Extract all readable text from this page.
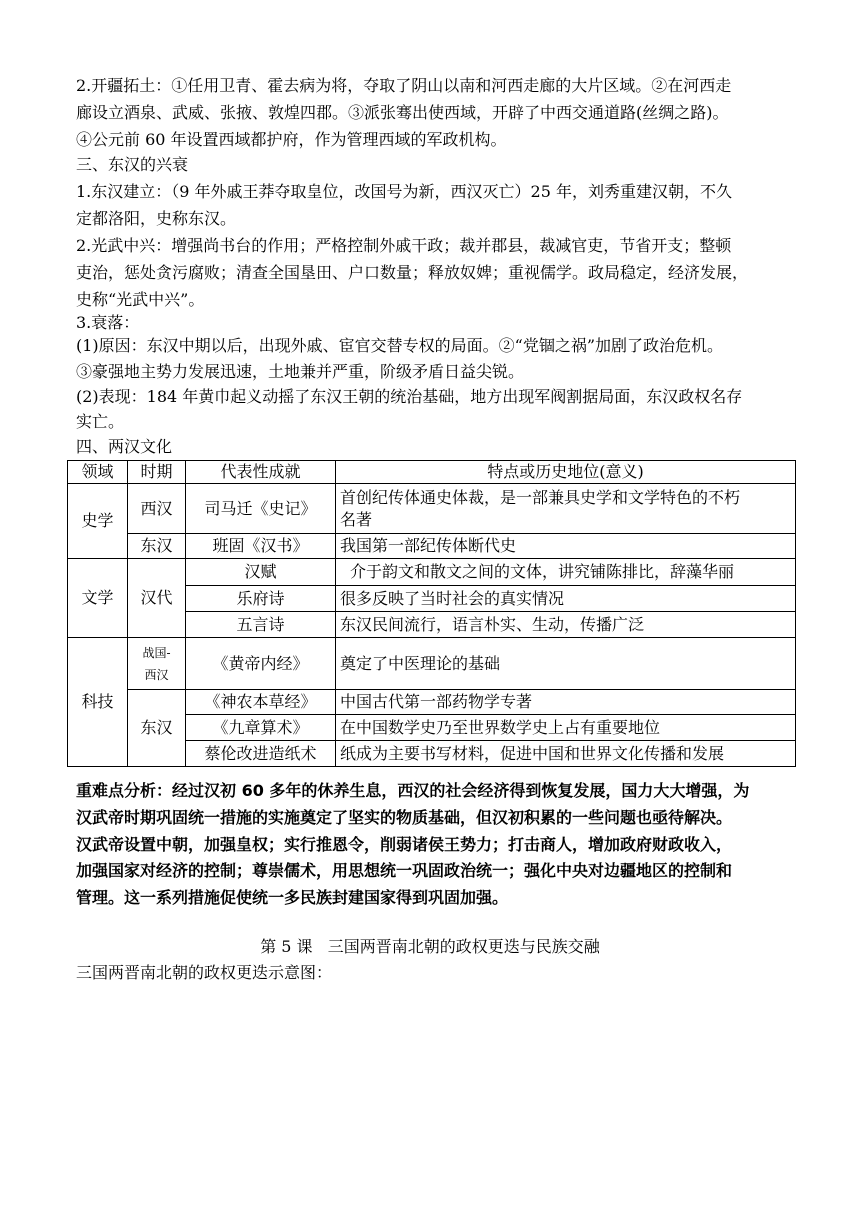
2.开疆拓土：①任用卫青、霍去病为将，夺取了阴山以南和河西走廊的大片区域。②在河西走
廊设立酒泉、武威、张掖、敦煌四郡。③派张骞出使西域，开辟了中西交通道路(丝绸之路)。
④公元前 60 年设置西域都护府，作为管理西域的军政机构。
三、东汉的兴衰
1.东汉建立：（9 年外戚王莽夺取皇位，改国号为新，西汉灭亡）25 年，刘秀重建汉朝，不久
定都洛阳，史称东汉。
2.光武中兴：增强尚书台的作用；严格控制外戚干政；裁并郡县，裁减官吏，节省开支；整顿
吏治，惩处贪污腐败；清查全国垦田、户口数量；释放奴婢；重视儒学。政局稳定，经济发展，
史称“光武中兴”。
3.衰落：
(1)原因：东汉中期以后，出现外戚、宦官交替专权的局面。②“党锢之祸”加剧了政治危机。
③豪强地主势力发展迅速，土地兼并严重，阶级矛盾日益尖锐。
(2)表现：184 年黄巾起义动摇了东汉王朝的统治基础，地方出现军阀割据局面，东汉政权名存
实亡。
四、两汉文化
领域	时期	代表性成就	特点或历史地位(意义)
史学	西汉	司马迁《史记》	首创纪传体通史体裁，是一部兼具史学和文学特色的不朽
名著

	东汉	班固《汉书》	我国第一部纪传体断代史
文学	汉代	汉赋	介于韵文和散文之间的文体，讲究铺陈排比，辞藻华丽
		乐府诗	很多反映了当时社会的真实情况
		五言诗	东汉民间流行，语言朴实、生动，传播广泛
科技	战国-
西汉	《黄帝内经》	奠定了中医理论的基础
	东汉	《神农本草经》	中国古代第一部药物学专著
		《九章算术》	在中国数学史乃至世界数学史上占有重要地位
		蔡伦改进造纸术	纸成为主要书写材料，促进中国和世界文化传播和发展
重难点分析：经过汉初 60 多年的休养生息，西汉的社会经济得到恢复发展，国力大大增强，为
汉武帝时期巩固统一措施的实施奠定了坚实的物质基础，但汉初积累的一些问题也亟待解决。
汉武帝设置中朝，加强皇权；实行推恩令，削弱诸侯王势力；打击商人，增加政府财政收入，
加强国家对经济的控制；尊崇儒术，用思想统一巩固政治统一；强化中央对边疆地区的控制和
管理。这一系列措施促使统一多民族封建国家得到巩固加强。
第 5 课   三国两晋南北朝的政权更迭与民族交融
三国两晋南北朝的政权更迭示意图：
